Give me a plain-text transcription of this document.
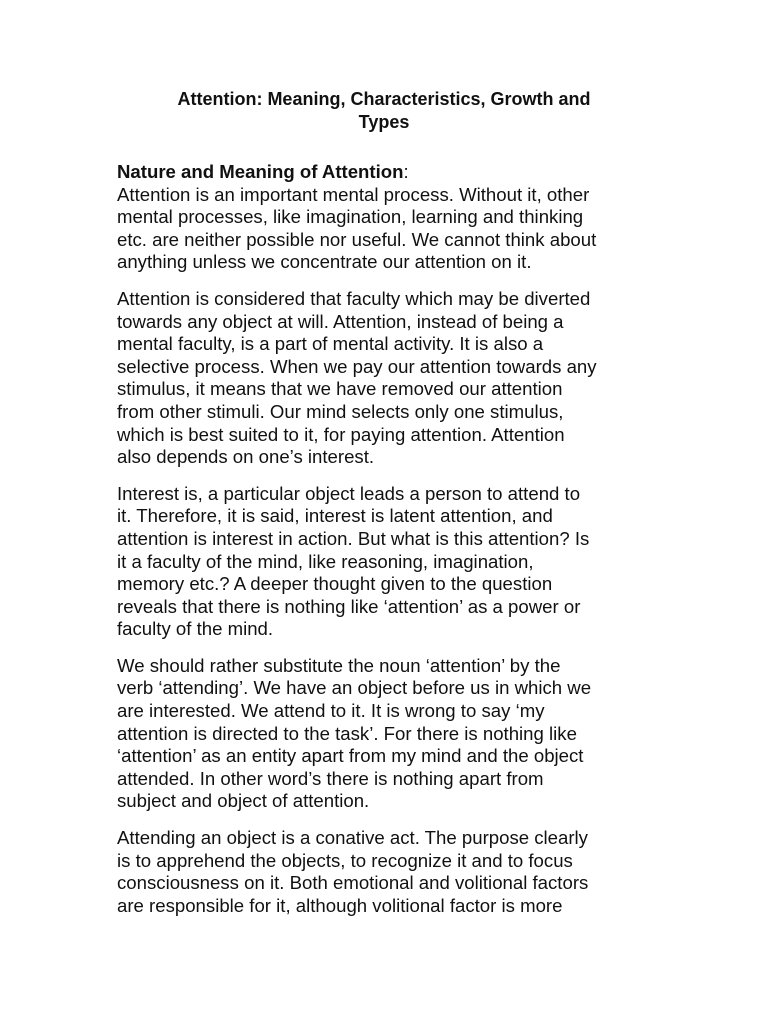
Attention: Meaning, Characteristics, Growth and
Types

Nature and Meaning of Attention:

Attention is an important mental process. Without it, other
mental processes, like imagination, learning and thinking
etc. are neither possible nor useful. We cannot think about
anything unless we concentrate our attention on it.

Attention is considered that faculty which may be diverted
towards any object at will. Attention, instead of being a
mental faculty, is a part of mental activity. It is also a
selective process. When we pay our attention towards any
stimulus, it means that we have removed our attention
from other stimuli. Our mind selects only one stimulus,
which is best suited to it, for paying attention. Attention
also depends on one’s interest.

Interest is, a particular object leads a person to attend to
it. Therefore, it is said, interest is latent attention, and
attention is interest in action. But what is this attention? Is
it a faculty of the mind, like reasoning, imagination,
memory etc.? A deeper thought given to the question
reveals that there is nothing like ‘attention’ as a power or
faculty of the mind.

We should rather substitute the noun ‘attention’ by the
verb ‘attending’. We have an object before us in which we
are interested. We attend to it. It is wrong to say ‘my
attention is directed to the task’. For there is nothing like
‘attention’ as an entity apart from my mind and the object
attended. In other word’s there is nothing apart from
subject and object of attention.

Attending an object is a conative act. The purpose clearly
is to apprehend the objects, to recognize it and to focus
consciousness on it. Both emotional and volitional factors
are responsible for it, although volitional factor is more
